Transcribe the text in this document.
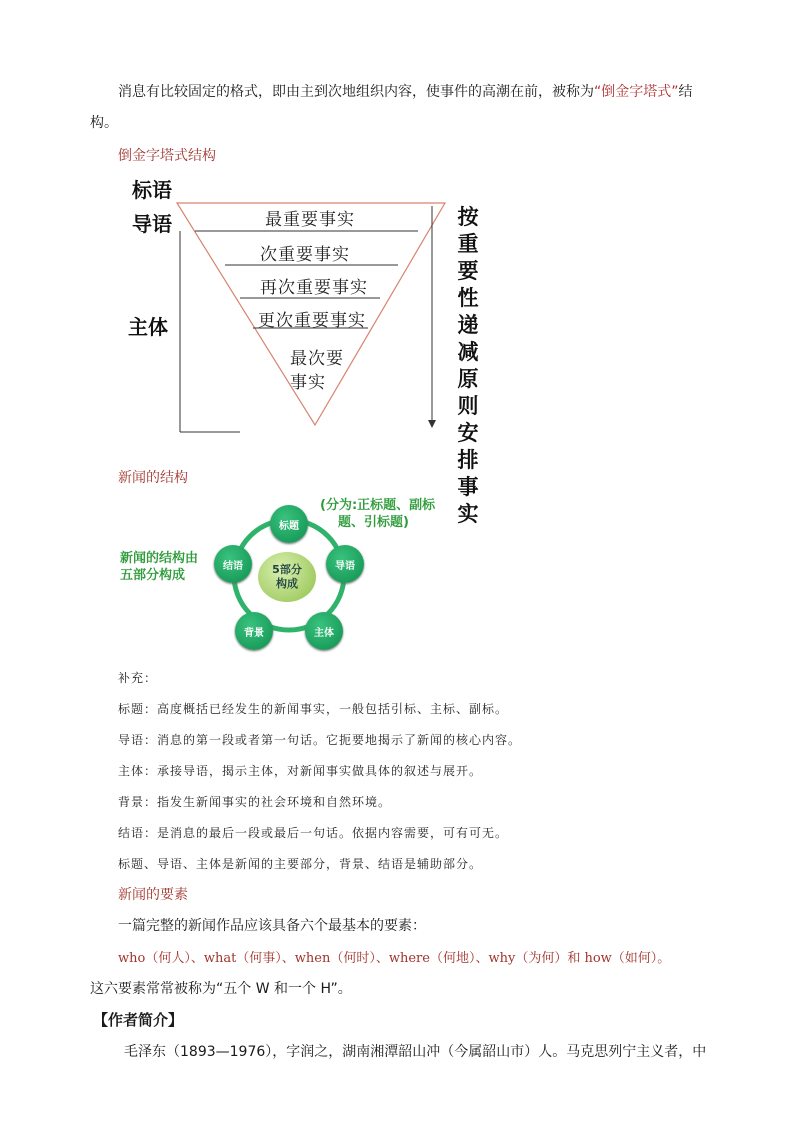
消息有比较固定的格式，即由主到次地组织内容，使事件的高潮在前，被称为“倒金字塔式”结
构。
倒金字塔式结构
标语
导语
主体
最重要事实
次重要事实
再次重要事实
更次重要事实
最次要
事实
按
重
要
性
递
减
原
则
安
排
事
实
新闻的结构
5部分
构成
标题
导语
主体
背景
结语
新闻的结构由
五部分构成
(分为:正标题、副标
题、引标题)
补充：
标题：高度概括已经发生的新闻事实，一般包括引标、主标、副标。
导语：消息的第一段或者第一句话。它扼要地揭示了新闻的核心内容。
主体：承接导语，揭示主体，对新闻事实做具体的叙述与展开。
背景：指发生新闻事实的社会环境和自然环境。
结语：是消息的最后一段或最后一句话。依据内容需要，可有可无。
标题、导语、主体是新闻的主要部分，背景、结语是辅助部分。
新闻的要素
一篇完整的新闻作品应该具备六个最基本的要素：
who（何人）、what（何事）、when（何时）、where（何地）、why（为何）和 how（如何）。
这六要素常常被称为“五个 W 和一个 H”。
【作者简介】
毛泽东（1893—1976），字润之，湖南湘潭韶山冲（今属韶山市）人。马克思列宁主义者，中
